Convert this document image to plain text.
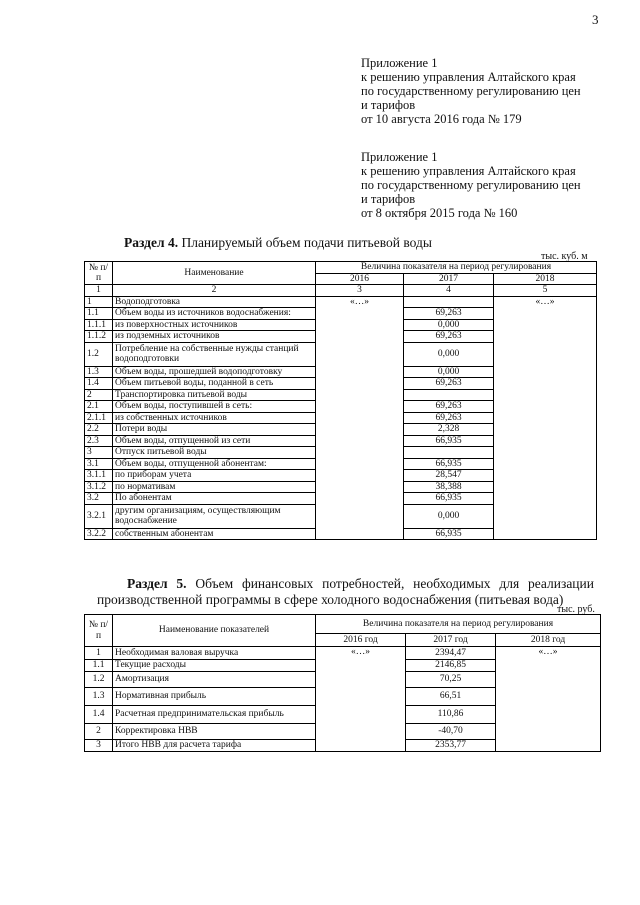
3
Приложение 1
к решению управления Алтайского края
по государственному регулированию цен
и тарифов
от 10 августа 2016 года № 179
Приложение 1
к решению управления Алтайского края
по государственному регулированию цен
и тарифов
от 8 октября 2015 года № 160
Раздел 4. Планируемый объем подачи питьевой воды
тыс. куб. м
№ п/п	Наименование	Величина показателя на период регулирования		
		2016	2017	2018
1	2	3	4	5
1	Водоподготовка	«…»		«…»
1.1	Объем воды из источников водоснабжения:		69,263	
1.1.1	из поверхностных источников		0,000	
1.1.2	из подземных источников		69,263	
1.2	Потребление на собственные нужды станций водоподготовки		0,000	
1.3	Объем воды, прошедшей водоподготовку		0,000	
1.4	Объем питьевой воды, поданной в сеть		69,263	
2	Транспортировка питьевой воды			
2.1	Объем воды, поступившей в сеть:		69,263	
2.1.1	из собственных источников		69,263	
2.2	Потери воды		2,328	
2.3	Объем воды, отпущенной из сети		66,935	
3	Отпуск питьевой воды			
3.1	Объем воды, отпущенной абонентам:		66,935	
3.1.1	по приборам учета		28,547	
3.1.2	по нормативам		38,388	
3.2	По абонентам		66,935	
3.2.1	другим организациям, осуществляющим водоснабжение		0,000	
3.2.2	собственным абонентам		66,935	
Раздел 5. Объем финансовых потребностей, необходимых для реализации производственной программы в сфере холодного водоснабжения (питьевая вода)
тыс. руб.
№ п/п	Наименование показателей	Величина показателя на период регулирования		
		2016 год	2017 год	2018 год
1	Необходимая валовая выручка	«…»	2394,47	«…»
1.1	Текущие расходы		2146,85	
1.2	Амортизация		70,25	
1.3	Нормативная прибыль		66,51	
1.4	Расчетная предпринимательская прибыль		110,86	
2	Корректировка НВВ		-40,70	
3	Итого НВВ для расчета тарифа		2353,77	
